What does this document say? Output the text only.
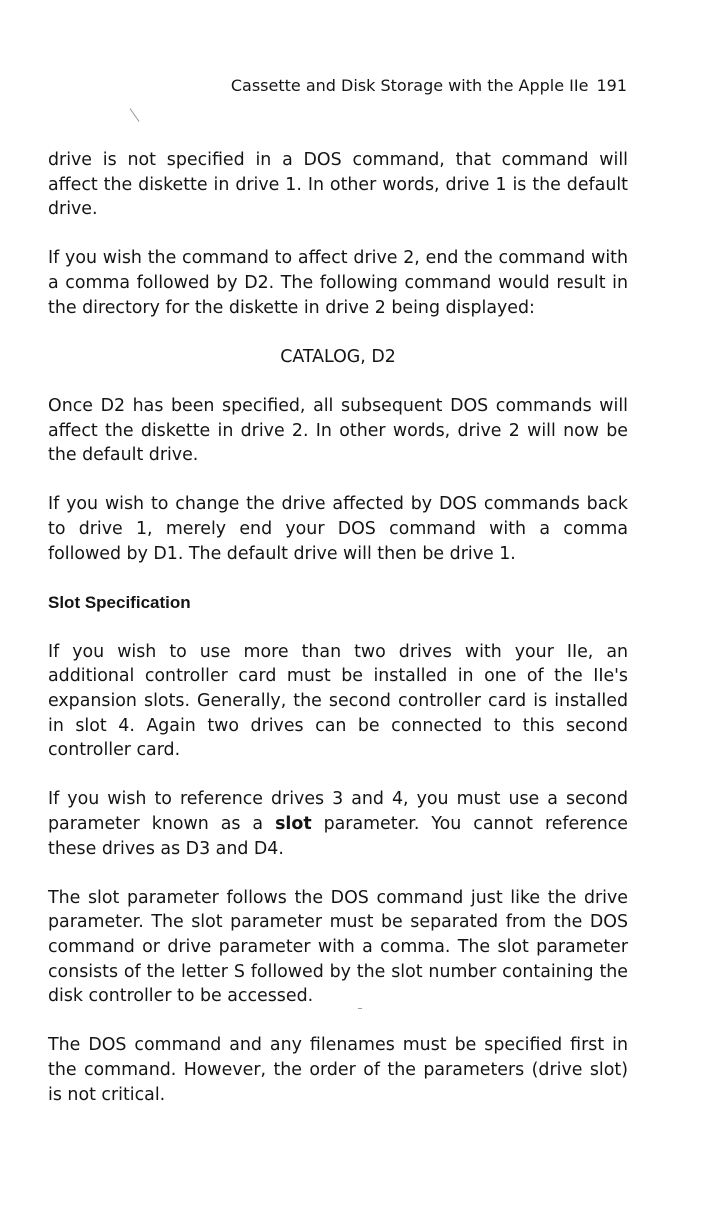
Cassette and Disk Storage with the Apple IIe 191

drive is not specified in a DOS command, that command will affect the diskette in drive 1. In other words, drive 1 is the default drive.

If you wish the command to affect drive 2, end the command with a comma followed by D2. The following command would result in the directory for the diskette in drive 2 being displayed:

CATALOG, D2

Once D2 has been specified, all subsequent DOS commands will affect the diskette in drive 2. In other words, drive 2 will now be the default drive.

If you wish to change the drive affected by DOS commands back to drive 1, merely end your DOS command with a comma followed by D1. The default drive will then be drive 1.

Slot Specification

If you wish to use more than two drives with your IIe, an additional controller card must be installed in one of the IIe's expansion slots. Generally, the second controller card is installed in slot 4. Again two drives can be connected to this second controller card.

If you wish to reference drives 3 and 4, you must use a second parameter known as a slot parameter. You cannot reference these drives as D3 and D4.

The slot parameter follows the DOS command just like the drive parameter. The slot parameter must be separated from the DOS command or drive parameter with a comma. The slot parameter consists of the letter S followed by the slot number containing the disk controller to be accessed.

The DOS command and any filenames must be specified first in the command. However, the order of the parameters (drive slot) is not critical.
